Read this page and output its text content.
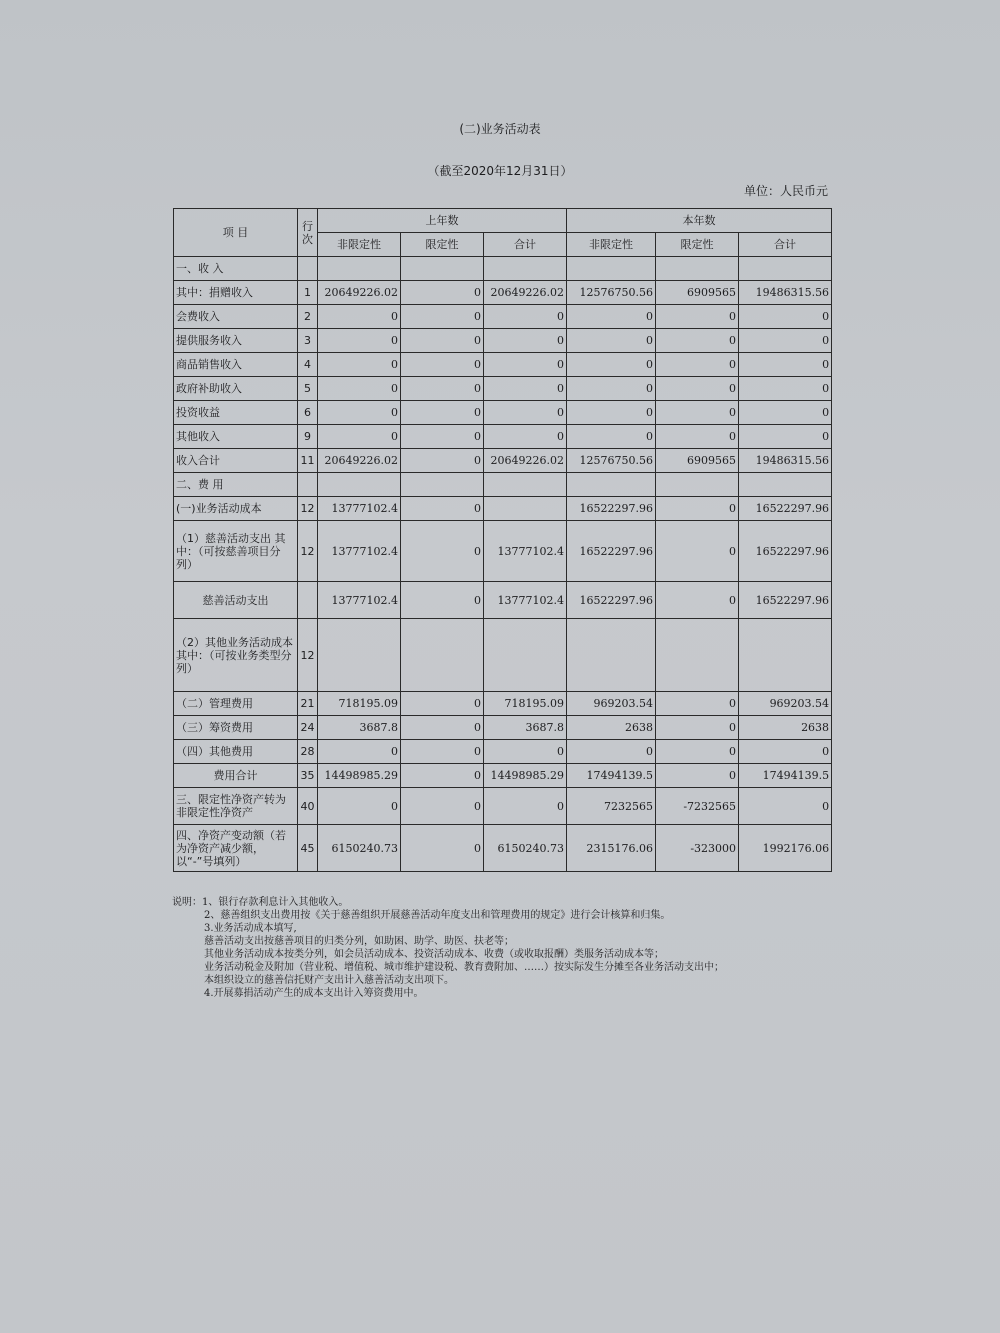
(二)业务活动表
（截至2020年12月31日）
单位：人民币元
项 目	行次	上年数			本年数		
		非限定性	限定性	合计	非限定性	限定性	合计
一、收 入							
其中：捐赠收入	1	20649226.02	0	20649226.02	12576750.56	6909565	19486315.56
会费收入	2	0	0	0	0	0	0
提供服务收入	3	0	0	0	0	0	0
商品销售收入	4	0	0	0	0	0	0
政府补助收入	5	0	0	0	0	0	0
投资收益	6	0	0	0	0	0	0
其他收入	9	0	0	0	0	0	0
收入合计	11	20649226.02	0	20649226.02	12576750.56	6909565	19486315.56
二、费 用							
(一)业务活动成本	12	13777102.4	0		16522297.96	0	16522297.96
（1）慈善活动支出 其中：（可按慈善项目分列）	12	13777102.4	0	13777102.4	16522297.96	0	16522297.96
慈善活动支出		13777102.4	0	13777102.4	16522297.96	0	16522297.96
（2）其他业务活动成本 其中：（可按业务类型分列）	12						
（二）管理费用	21	718195.09	0	718195.09	969203.54	0	969203.54
（三）筹资费用	24	3687.8	0	3687.8	2638	0	2638
（四）其他费用	28	0	0	0	0	0	0
费用合计	35	14498985.29	0	14498985.29	17494139.5	0	17494139.5
三、限定性净资产转为非限定性净资产	40	0	0	0	7232565	-7232565	0
四、净资产变动额（若为净资产减少额，以“-”号填列）	45	6150240.73	0	6150240.73	2315176.06	-323000	1992176.06

说明：1、银行存款利息计入其他收入。

2、慈善组织支出费用按《关于慈善组织开展慈善活动年度支出和管理费用的规定》进行会计核算和归集。

3.业务活动成本填写,

慈善活动支出按慈善项目的归类分列，如助困、助学、助医、扶老等；

其他业务活动成本按类分列，如会员活动成本、投资活动成本、收费（或收取报酬）类服务活动成本等；

业务活动税金及附加（营业税、增值税、城市维护建设税、教育费附加、……）按实际发生分摊至各业务活动支出中；

本组织设立的慈善信托财产支出计入慈善活动支出项下。

4.开展募捐活动产生的成本支出计入筹资费用中。
